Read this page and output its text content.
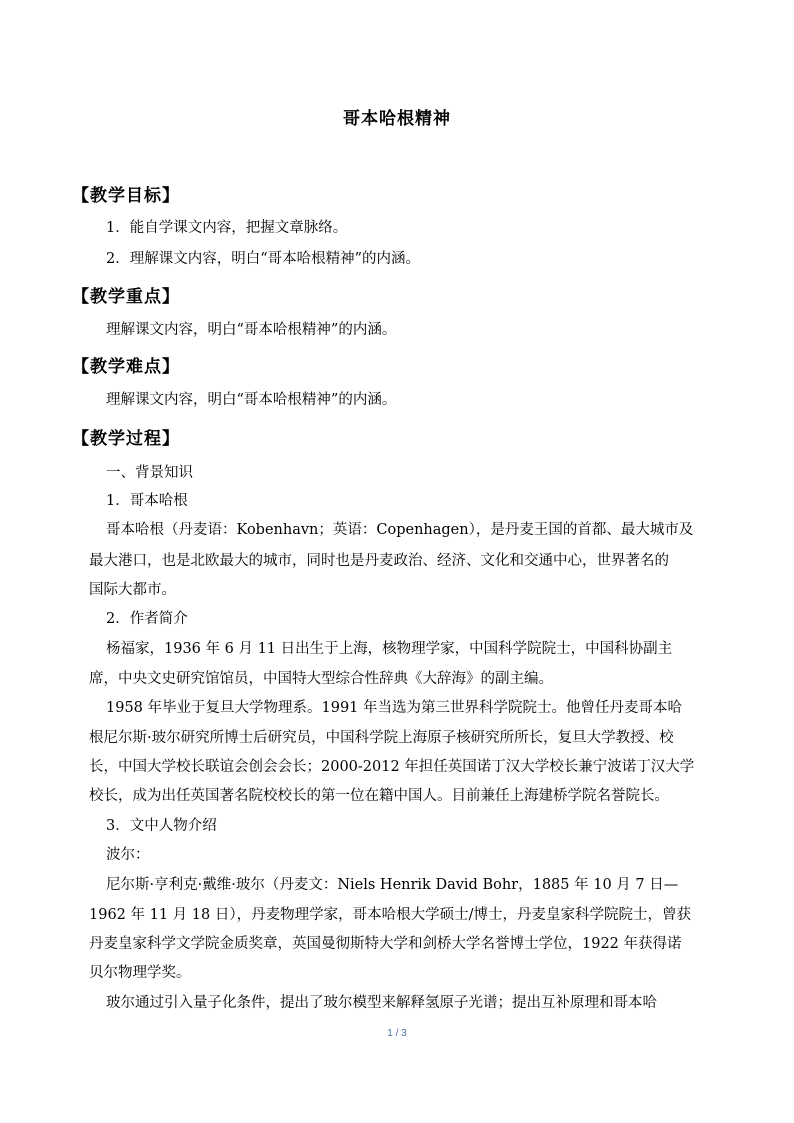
哥本哈根精神
【教学目标】
1．能自学课文内容，把握文章脉络。
2．理解课文内容，明白“哥本哈根精神”的内涵。
【教学重点】
理解课文内容，明白“哥本哈根精神”的内涵。
【教学难点】
理解课文内容，明白“哥本哈根精神”的内涵。
【教学过程】
一、背景知识
1．哥本哈根
哥本哈根（丹麦语：Kobenhavn；英语：Copenhagen），是丹麦王国的首都、最大城市及
最大港口，也是北欧最大的城市，同时也是丹麦政治、经济、文化和交通中心，世界著名的
国际大都市。
2．作者简介
杨福家，1936 年 6 月 11 日出生于上海，核物理学家，中国科学院院士，中国科协副主
席，中央文史研究馆馆员，中国特大型综合性辞典《大辞海》的副主编。
1958 年毕业于复旦大学物理系。1991 年当选为第三世界科学院院士。他曾任丹麦哥本哈
根尼尔斯·玻尔研究所博士后研究员，中国科学院上海原子核研究所所长，复旦大学教授、校
长，中国大学校长联谊会创会会长；2000-2012 年担任英国诺丁汉大学校长兼宁波诺丁汉大学
校长，成为出任英国著名院校校长的第一位在籍中国人。目前兼任上海建桥学院名誉院长。
3．文中人物介绍
波尔：
尼尔斯·亨利克·戴维·玻尔（丹麦文：Niels Henrik David Bohr，1885 年 10 月 7 日—
1962 年 11 月 18 日），丹麦物理学家，哥本哈根大学硕士/博士，丹麦皇家科学院院士，曾获
丹麦皇家科学文学院金质奖章，英国曼彻斯特大学和剑桥大学名誉博士学位，1922 年获得诺
贝尔物理学奖。
玻尔通过引入量子化条件，提出了玻尔模型来解释氢原子光谱；提出互补原理和哥本哈
1 / 3
